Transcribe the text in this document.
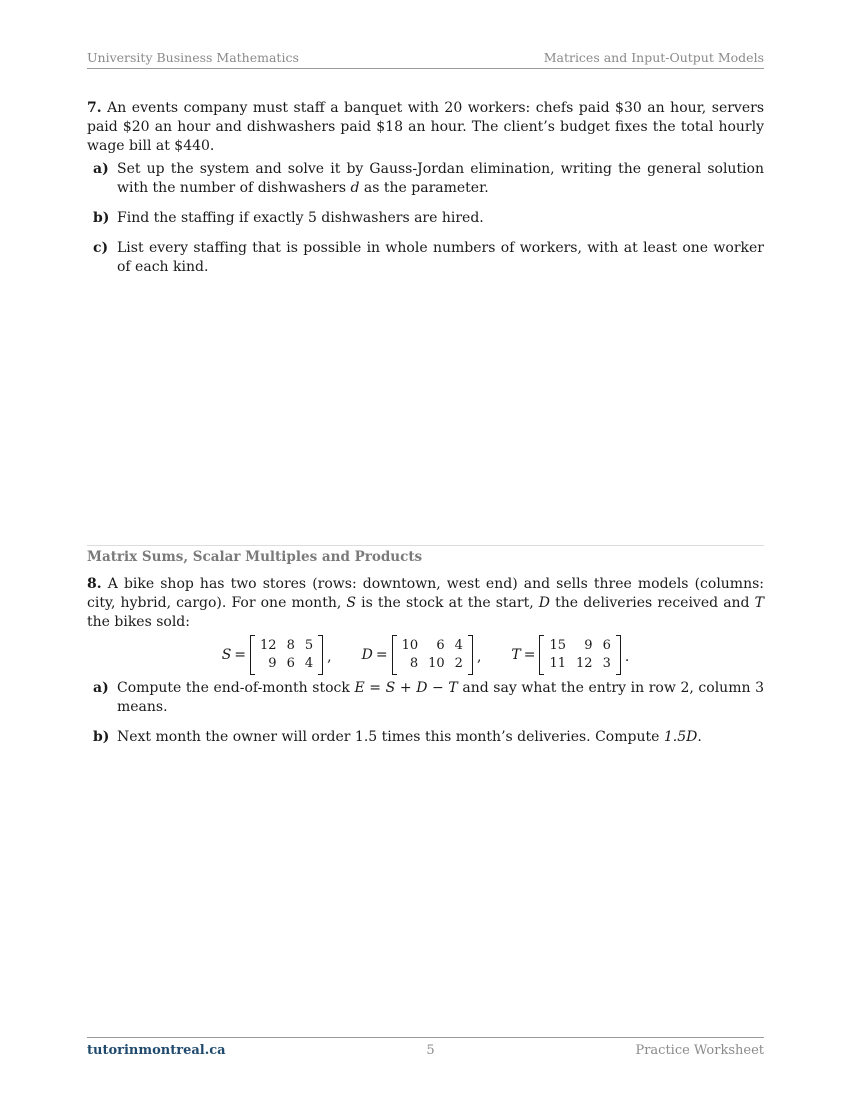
University Business Mathematics	Matrices and Input-Output Models
7. An events company must staff a banquet with 20 workers: chefs paid $30 an hour, servers paid $20 an hour and dishwashers paid $18 an hour. The client’s budget fixes the total hourly wage bill at $440.
a) Set up the system and solve it by Gauss-Jordan elimination, writing the general solution with the number of dishwashers d as the parameter.
b) Find the staffing if exactly 5 dishwashers are hired.
c) List every staffing that is possible in whole numbers of workers, with at least one worker of each kind.
Matrix Sums, Scalar Multiples and Products
8. A bike shop has two stores (rows: downtown, west end) and sells three models (columns: city, hybrid, cargo). For one month, S is the stock at the start, D the deliveries received and T the bikes sold:
S =
12	8	5
9	6	4 , D =
10	6	4
8	10	2 , T =
15	9	6
11	12	3 .
a) Compute the end-of-month stock E = S + D − T and say what the entry in row 2, column 3 means.
b) Next month the owner will order 1.5 times this month’s deliveries. Compute 1.5D.
tutorinmontreal.ca	5	Practice Worksheet
